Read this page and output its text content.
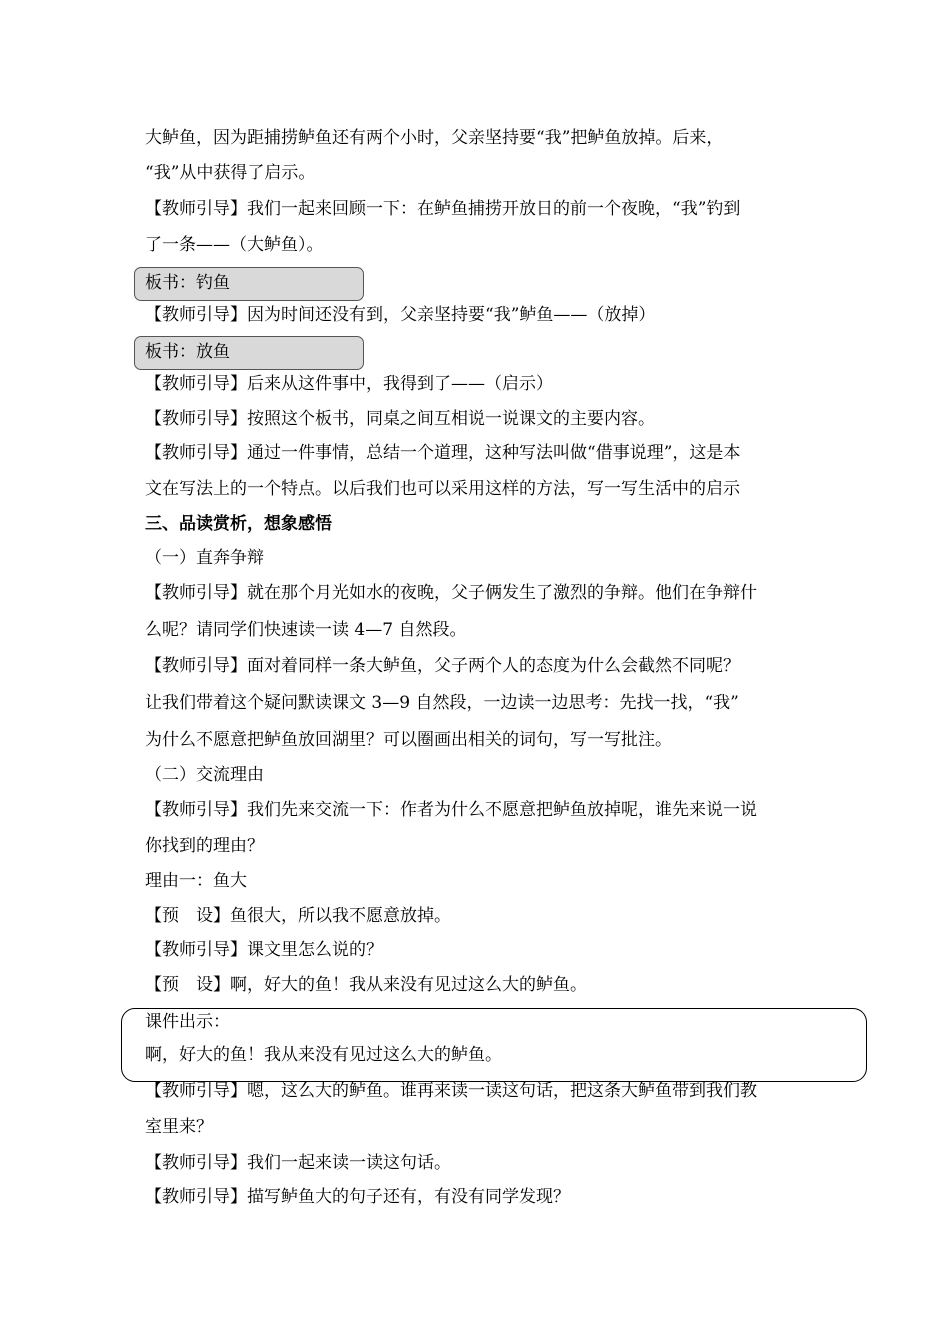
大鲈鱼，因为距捕捞鲈鱼还有两个小时，父亲坚持要“我”把鲈鱼放掉。后来，
“我”从中获得了启示。
【教师引导】我们一起来回顾一下：在鲈鱼捕捞开放日的前一个夜晚，“我”钓到
了一条——（大鲈鱼）。
板书：钓鱼
【教师引导】因为时间还没有到，父亲坚持要“我”鲈鱼——（放掉）
板书：放鱼
【教师引导】后来从这件事中，我得到了——（启示）
【教师引导】按照这个板书，同桌之间互相说一说课文的主要内容。
【教师引导】通过一件事情，总结一个道理，这种写法叫做“借事说理”，这是本
文在写法上的一个特点。以后我们也可以采用这样的方法，写一写生活中的启示
三、品读赏析，想象感悟
（一）直奔争辩
【教师引导】就在那个月光如水的夜晚，父子俩发生了激烈的争辩。他们在争辩什
么呢？请同学们快速读一读 4—7 自然段。
【教师引导】面对着同样一条大鲈鱼，父子两个人的态度为什么会截然不同呢？
让我们带着这个疑问默读课文 3—9 自然段，一边读一边思考：先找一找，“我”
为什么不愿意把鲈鱼放回湖里？可以圈画出相关的词句，写一写批注。
（二）交流理由
【教师引导】我们先来交流一下：作者为什么不愿意把鲈鱼放掉呢，谁先来说一说
你找到的理由？
理由一：鱼大
【预　设】鱼很大，所以我不愿意放掉。
【教师引导】课文里怎么说的？
【预　设】啊，好大的鱼！我从来没有见过这么大的鲈鱼。
课件出示：
啊，好大的鱼！我从来没有见过这么大的鲈鱼。
【教师引导】嗯，这么大的鲈鱼。谁再来读一读这句话，把这条大鲈鱼带到我们教
室里来？
【教师引导】我们一起来读一读这句话。
【教师引导】描写鲈鱼大的句子还有，有没有同学发现？
